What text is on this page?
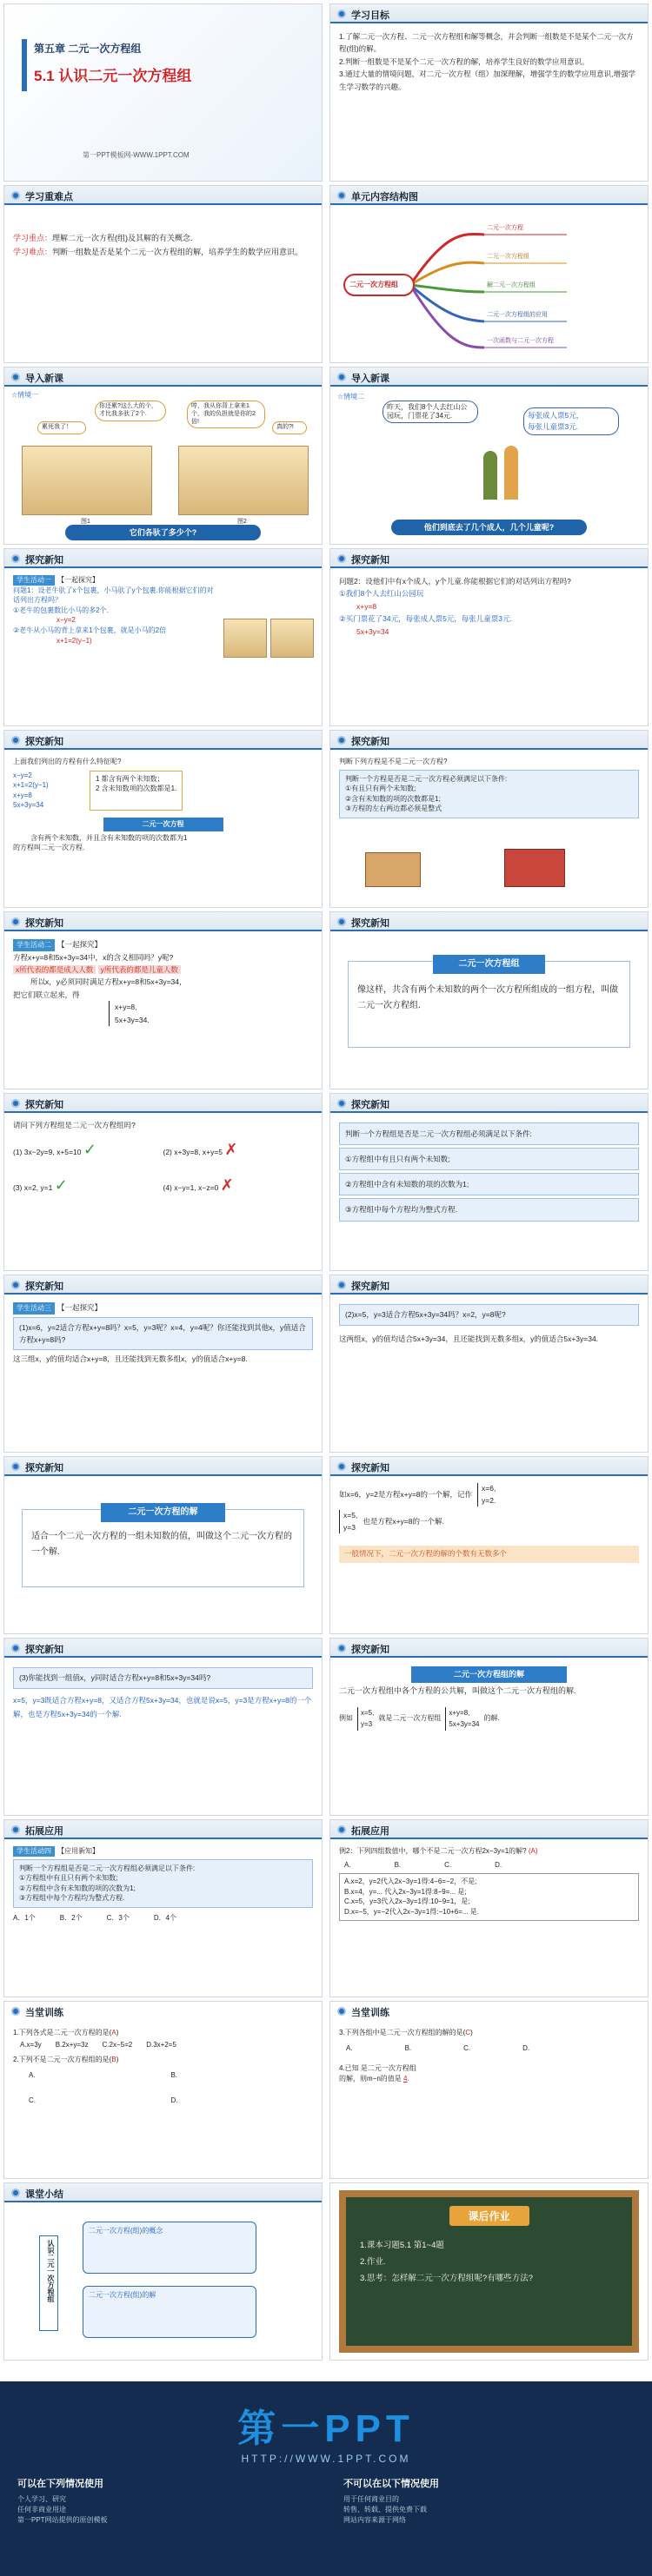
第五章 二元一次方程组
5.1 认识二元一次方程组
第一PPT模板网-WWW.1PPT.COM
学习目标

1.了解二元一次方程、二元一次方程组和解等概念，并会判断一组数是不是某个二元一次方程(组)的解。

2.判断一组数是不是某个二元一次方程的解，培养学生良好的数学应用意识。

3.通过大量的情境问题，对二元一次方程（组）加深理解，增强学生的数学应用意识,增强学生学习数学的兴趣。

学习重难点

学习重点：理解二元一次方程(组)及其解的有关概念.

学习难点：判断一组数是否是某个二元一次方程组的解，培养学生的数学应用意识。

单元内容结构图
二元一次方程组
二元一次方程
二元一次方程组
解二元一次方程组
二元一次方程组的应用
一次函数与二元一次方程
导入新课
☆情境一
累死我了！
你还累?这么大的个，才比我多驮了2个.
哼，我从你背上拿来1个，我的负担就是你的2倍!
真的?!
图1	图2
它们各驮了多少个?
导入新课
☆情境二
昨天，我们8个人去红山公园玩，门票花了34元.	每张成人票5元，
每张儿童票3元.
他们到底去了几个成人，几个儿童呢?
探究新知
学生活动一 【一起探究】

问题1：设老牛驮了x个包裹，小马驮了y个包裹.你能根据它们的对话列出方程吗？

①老牛的包裹数比小马的多2个.

x−y=2

②老牛从小马的背上拿来1个包裹，就是小马的2倍

x+1=2(y−1)

探究新知

问题2：设他们中有x个成人，y个儿童.你能根据它们的对话列出方程吗?

①我们8个人去红山公园玩

x+y=8

②买门票花了34元，每张成人票5元，每张儿童票3元.

5x+3y=34

探究新知

上面我们列出的方程有什么特征呢?

x−y=2
x+1=2(y−1)
x+y=8
5x+3y=34
1 都含有两个未知数；
2 含未知数项的次数都是1.
二元一次方程

含有两个未知数，并且含有未知数的项的次数都为1

的方程叫二元一次方程.

探究新知

判断下列方程是不是二元一次方程?

判断一个方程是否是二元一次方程必须满足以下条件:
①有且只有两个未知数;
②含有未知数的项的次数都是1;
③方程的左右两边都必须是整式
探究新知
学生活动二 【一起探究】

方程x+y=8和5x+3y=34中，x的含义相同吗？y呢?

x所代表的都是成人人数 y所代表的都是儿童人数

所以x，y必须同时满足方程x+y=8和5x+3y=34，

把它们联立起来，得

x+y=8,
5x+3y=34.
探究新知
二元一次方程组

像这样，共含有两个未知数的两个一次方程所组成的一组方程，叫做二元一次方程组.

探究新知

请问下列方程组是二元一次方程组吗?

(1) 3x−2y=9, x+5=10 ✓	(2) x+3y=8, x+y=5 ✗
(3) x=2, y=1 ✓	(4) x−y=1, x−z=0 ✗
探究新知
判断一个方程组是否是二元一次方程组必须满足以下条件:
①方程组中有且只有两个未知数;
②方程组中含有未知数的项的次数为1;
③方程组中每个方程均为整式方程.
探究新知
学生活动三 【一起探究】
(1)x=6，y=2适合方程x+y=8吗？x=5，y=3呢？x=4，y=4呢？你还能找到其他x，y值适合方程x+y=8吗?

这三组x，y的值均适合x+y=8，且还能找到无数多组x，y的值适合x+y=8.

探究新知
(2)x=5，y=3适合方程5x+3y=34吗？x=2，y=8呢?

这两组x，y的值均适合5x+3y=34，且还能找到无数多组x，y的值适合5x+3y=34.

探究新知
二元一次方程的解

适合一个二元一次方程的一组未知数的值，叫做这个二元一次方程的一个解.

探究新知
如x=6，y=2是方程x+y=8的一个解，记作
x=6,
y=2.
x=5,
y=3
也是方程x+y=8的一个解.
一般情况下，二元一次方程的解的个数有无数多个
探究新知
(3)你能找到一组值x，y同时适合方程x+y=8和5x+3y=34吗?

x=5，y=3既适合方程x+y=8，又适合方程5x+3y=34，也就是说x=5，y=3是方程x+y=8的一个解，也是方程5x+3y=34的一个解.

探究新知
二元一次方程组的解

二元一次方程组中各个方程的公共解，叫做这个二元一次方程组的解.

例如
x=5,
y=3
就是二元一次方程组
x+y=8,
5x+3y=34
的解.
拓展应用
学生活动四 【应用新知】
判断一个方程组是否是二元一次方程组必须满足以下条件:
①方程组中有且只有两个未知数;
②方程组中含有未知数的项的次数为1;
③方程组中每个方程均为整式方程.
A．1个	B．2个	C．3个	D．4个
拓展应用

例2：下列四组数值中，哪个不是二元一次方程2x−3y=1的解? (A)

A.	B.	C.	D.
A.x=2，y=2代入2x−3y=1得:4−6=−2，不是;
B.x=4，y=... 代入2x−3y=1得:8−9=... 是;
C.x=5，y=3代入2x−3y=1得:10−9=1，是;
D.x=−5，y=−2代入2x−3y=1得:−10+6=... 是.
当堂训练

1.下列各式是二元一次方程的是(A)

A.x=3y B.2x+y=3z C.2x−5=2 D.3x+2=5

2.下列不是二元一次方程组的是(B)

A.	B.
C.	D.
当堂训练

3.下列各组中是二元一次方程组的解的是(C)

A.	B.	C.	D.

4.已知 是二元一次方程组

的解，则m−n的值是 4.

课堂小结
认识二元一次方程组
二元一次方程(组)的概念
二元一次方程(组)的解
课后作业
1.课本习题5.1 第1~4题
2.作业.
3.思考：怎样解二元一次方程组呢?有哪些方法?
第一PPT
HTTP://WWW.1PPT.COM
可以在下列情况使用
个人学习、研究
任何非商业用途
第一PPT网站提供的原创模板
不可以在以下情况使用
用于任何商业目的
转售、转载、提供免费下载
网站内容来源于网络
